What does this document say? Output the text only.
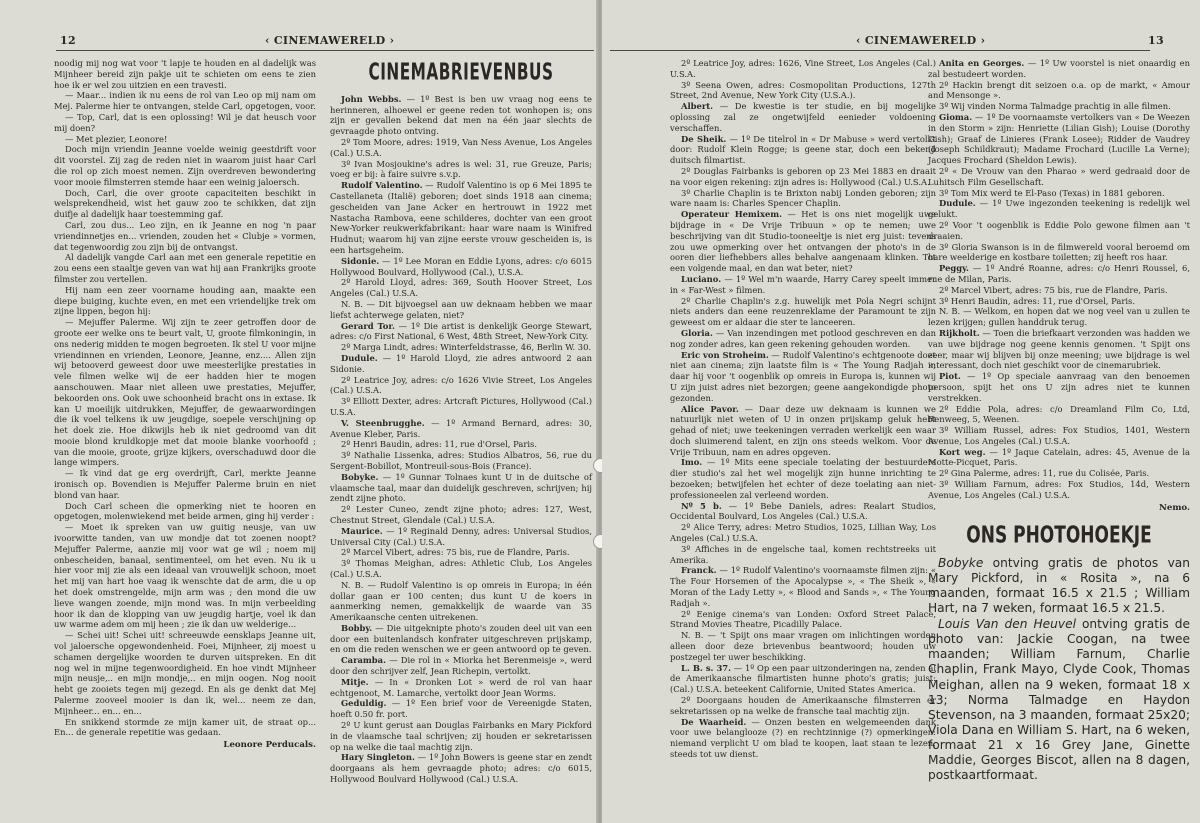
12	‹ CINEMAWERELD ›

noodig mij nog wat voor 't lapje te houden en al dadelijk was Mijnheer bereid zijn pakje uit te schieten om eens te zien hoe ik er wel zou uitzien en een travesti.

— Maar... indien ik nu eens de rol van Leo op mij nam om Mej. Palerme hier te ontvangen, stelde Carl, opgetogen, voor.

— Top, Carl, dat is een oplossing! Wil je dat heusch voor mij doen?

— Met plezier, Leonore!

Doch mijn vriendin Jeanne voelde weinig geestdrift voor dit voorstel. Zij zag de reden niet in waarom juist haar Carl die rol op zich moest nemen. Zijn overdreven bewondering voor mooie filmsterren stemde haar een weinig jaloersch.

Doch, Carl, die over groote capaciteiten beschikt in welsprekendheid, wist het gauw zoo te schikken, dat zijn duifje al dadelijk haar toestemming gaf.

Carl, zou dus... Leo zijn, en ik Jeanne en nog 'n paar vriendinnetjes en... vrienden, zouden het « Clubje » vormen, dat tegenwoordig zou zijn bij de ontvangst.

Al dadelijk vangde Carl aan met een generale repetitie en zou eens een staaltje geven van wat hij aan Frankrijks groote filmster zou vertellen.

Hij nam een zeer voorname houding aan, maakte een diepe buiging, kuchte even, en met een vriendelijke trek om zijne lippen, begon hij:

— Mejuffer Palerme. Wij zijn te zeer getroffen door de groote eer welke ons te beurt valt, U, groote filmkoningin, in ons nederig midden te mogen begroeten. Ik stel U voor mijne vriendinnen en vrienden, Leonore, Jeanne, enz.... Allen zijn wij betooverd geweest door uwe meesterlijke prestaties in vele filmen welke wij de eer hadden hier te mogen aanschouwen. Maar niet alleen uwe prestaties, Mejuffer, bekoorden ons. Ook uwe schoonheid bracht ons in extase. Ik kan U moeilijk uitdrukken, Mejuffer, de gewaarwordingen die ik voel telkens ik uw jeugdige, soepele verschijning op het doek zie. Hoe dikwijls heb ik niet gedroomd van dit mooie blond kruldkopje met dat mooie blanke voorhoofd ; van die mooie, groote, grijze kijkers, overschaduwd door die lange wimpers.

— Ik vind dat ge erg overdrijft, Carl, merkte Jeanne ironisch op. Bovendien is Mejuffer Palerme bruin en niet blond van haar.

Doch Carl scheen die opmerking niet te hooren en opgetogen, molenwiekend met beide armen, ging hij verder :

— Moet ik spreken van uw guitig neusje, van uw ivoorwitte tanden, van uw mondje dat tot zoenen noopt? Mejuffer Palerme, aanzie mij voor wat ge wil ; noem mij onbescheiden, banaal, sentimenteel, om het even. Nu ik u hier voor mij zie als een ideaal van vrouwelijk schoon, moet het mij van hart hoe vaag ik wenschte dat de arm, die u op het doek omstrengelde, mijn arm was ; den mond die uw lieve wangen zoende, mijn mond was. In mijn verbeelding hoor ik dan de klopping van uw jeugdig hartje, voel ik dan uw warme adem om mij heen ; zie ik dan uw welderige...

— Schei uit! Schei uit! schreeuwde eensklaps Jeanne uit, vol jaloersche opgewondenheid. Foei, Mijnheer, zij moest u schamen dergelijke woorden te durven uitspreken. En dit nog wel in mijne tegenwoordigheid. En hoe vindt Mijnheer mijn neusje,.. en mijn mondje,.. en mijn oogen. Nog nooit hebt ge zooiets tegen mij gezegd. En als ge denkt dat Mej Palerme zooveel mooier is dan ik, wel... neem ze dan, Mijnheer... en... en...

En snikkend stormde ze mijn kamer uit, de straat op... En... de generale repetitie was gedaan.

Leonore Perducals.

CINEMABRIEVENBUS

John Webbs. — 1º Best is ben uw vraag nog eens te herinneren, alhoewel er geene reden tot wonhopen is; ons zijn er gevallen bekend dat men na één jaar slechts de gevraagde photo ontving.

2º Tom Moore, adres: 1919, Van Ness Avenue, Los Angeles (Cal.) U.S.A.

3º Ivan Mosjoukine's adres is wel: 31, rue Greuze, Paris; voeg er bij: à faire suivre s.v.p.

Rudolf Valentino. — Rudolf Valentino is op 6 Mei 1895 te Castellaneta (Italië) geboren; doet sinds 1918 aan cinema; gescheiden van Jane Acker en hertrouwt in 1922 met Nastacha Rambova, eene schilderes, dochter van een groot New-Yorker reukwerkfabrikant: haar ware naam is Winifred Hudnut; waarom hij van zijne eerste vrouw gescheiden is, is een hartsgeheim.

Sidonie. — 1º Lee Moran en Eddie Lyons, adres: c/o 6015 Hollywood Boulvard, Hollywood (Cal.), U.S.A.

2º Harold Lloyd, adres: 369, South Hoover Street, Los Angeles (Cal.) U.S.A.

N. B. — Dit bijvoegsel aan uw deknaam hebben we maar liefst achterwege gelaten, niet?

Gerard Tor. — 1º Die artist is denkelijk George Stewart, adres: c/o First National, 6 West, 48th Street, New-York City.

2º Marga Lindt, adres: Winterfeldstrasse, 46, Berlin W. 30.

Dudule. — 1º Harold Lloyd, zie adres antwoord 2 aan Sidonie.

2º Leatrice Joy, adres: c/o 1626 Vivie Street, Los Angeles (Cal.) U.S.A.

3º Elliott Dexter, adres: Artcraft Pictures, Hollywood (Cal.) U.S.A.

V. Steenbrugghe. — 1º Armand Bernard, adres: 30, Avenue Kleber, Paris.

2º Henri Baudin, adres: 11, rue d'Orsel, Paris.

3º Nathalie Lissenka, adres: Studios Albatros, 56, rue du Sergent-Bobillot, Montreuil-sous-Bois (France).

Bobyke. — 1º Gunnar Tolnaes kunt U in de duitsche of vlaamsche taal, maar dan duidelijk geschreven, schrijven; hij zendt zijne photo.

2º Lester Cuneo, zendt zijne photo; adres: 127, West, Chestnut Street, Glendale (Cal.) U.S.A.

Maurice. — 1º Reginald Denny, adres: Universal Studios, Universal City (Cal.) U.S.A.

2º Marcel Vibert, adres: 75 bis, rue de Flandre, Paris.

3º Thomas Meighan, adres: Athletic Club, Los Angeles (Cal.) U.S.A.

N. B. — Rudolf Valentino is op omreis in Europa; in één dollar gaan er 100 centen; dus kunt U de koers in aanmerking nemen, gemakkelijk de waarde van 35 Amerikaansche centen uitrekenen.

Bobby. — Die uitgeknipte photo's zouden deel uit van een door een buitenlandsch konfrater uitgeschreven prijskamp, en om die reden wenschen we er geen antwoord op te geven.

Caramba. — Die rol in « Miorka het Berenmeisje », werd door den schrijver zelf, Jean Richepin, vertolkt.

Mitje. — In « Dronken Lot » werd de rol van haar echtgenoot, M. Lamarche, vertolkt door Jean Worms.

Geduldig. — 1º Een brief voor de Vereenigde Staten, hoeft 0.50 fr. port.

2º U kunt gerust aan Douglas Fairbanks en Mary Pickford in de vlaamsche taal schrijven; zij houden er sekretarissen op na welke die taal machtig zijn.

Hary Singleton. — 1º John Bowers is geene star en zendt doorgaans als hem gevraagde photo; adres: c/o 6015, Hollywood Boulvard Hollywood (Cal.) U.S.A.

‹ CINEMAWERELD ›	13

2º Leatrice Joy, adres: 1626, Vine Street, Los Angeles (Cal.) U.S.A.

3º Seena Owen, adres: Cosmopolitan Productions, 127th Street, 2nd Avenue, New York City (U.S.A.).

Albert. — De kwestie is ter studie, en bij mogelijke oplossing zal ze ongetwijfeld eenieder voldoening verschaffen.

De Sheik. — 1º De titelrol in « Dr Mabuse » werd vertolkt door: Rudolf Klein Rogge; is geene star, doch een bekend duitsch filmartist.

2º Douglas Fairbanks is geboren op 23 Mei 1883 en draait na voor eigen rekening: zijn adres is: Hollywood (Cal.) U.S.A.

3º Charlie Chaplin is te Brixton nabij Londen geboren; zijn ware naam is: Charles Spencer Chaplin.

Operateur Hemixem. — Het is ons niet mogelijk uwe bijdrage in « De Vrije Tribuun » op te nemen; uwe beschrijving van dit Studio-tooneeltje is niet erg juist: tevens zou uwe opmerking over het ontvangen der photo's in de ooren dier liefhebbers alles behalve aangenaam klinken. Tot een volgende maal, en dan wat beter, niet?

Luciano. — 1º Wel m'n waarde, Harry Carey speelt immer in « Far-West » filmen.

2º Charlie Chaplin's z.g. huwelijk met Pola Negri schijnt niets anders dan eene reuzenreklame der Paramount te zijn geweest om er aldaar die ster te lanceeren.

Gloria. — Van inzendingen met potlood geschreven en dan nog zonder adres, kan geen rekening gehouden worden.

Eric von Stroheim. — Rudolf Valentino's echtgenoote doet niet aan cinema; zijn laatste film is « The Young Radjah »; daar hij voor 't oogenblik op omreis in Europa is, kunnen wij U zijn juist adres niet bezorgen; geene aangekondigde photo gezonden.

Alice Pavor. — Daar deze uw deknaam is kunnen we natuurlijk niet weten of U in onzen prijskamp geluk hebt gehad of niet; uwe teekeningen verraden werkelijk een waar doch sluimerend talent, en zijn ons steeds welkom. Voor de Vrije Tribuun, nam en adres opgeven.

Imo. — 1º Mits eene speciale toelating der bestuurders dier studio's zal het wel mogelijk zijn hunne inrichting te bezoeken; betwijfelen het echter of deze toelating aan niet-professioneelen zal verleend worden.

Nº 5 b. — 1º Bebe Daniels, adres: Realart Studios, Occidental Boulvard, Los Angeles (Cal.) U.S.A.

2º Alice Terry, adres: Metro Studios, 1025, Lillian Way, Los Angeles (Cal.) U.S.A.

3º Affiches in de engelsche taal, komen rechtstreeks uit Amerika.

Franck. — 1º Rudolf Valentino's voornaamste filmen zijn: « The Four Horsemen of the Apocalypse », « The Sheik », « Moran of the Lady Letty », « Blood and Sands », « The Young Radjah ».

2º Eenige cinema's van Londen: Oxford Street Palace, Strand Movies Theatre, Picadilly Palace.

N. B. — 't Spijt ons maar vragen om inlichtingen worden alleen door deze brievenbus beantwoord; houden uw postzegel ter uwer beschikking.

L. B. s. 37. — 1º Op een paar uitzonderingen na, zenden al de Amerikaansche filmartisten hunne photo's gratis; juist: (Cal.) U.S.A. beteekent Californie, United States America.

2º Doorgaans houden de Amerikaansche filmsterren er sekretarissen op na welke de fransche taal machtig zijn.

De Waarheid. — Onzen besten en welgemeenden dank voor uwe belanglooze (?) en rechtzinnige (?) opmerkingen: niemand verplicht U om blad te koopen, laat staan te lezen; steeds tot uw dienst.

Anita en Georges. — 1º Uw voorstel is niet onaardig en zal bestudeert worden.

2º Hackin brengt dit seizoen o.a. op de markt, « Amour and Mensonge ».

3º Wij vinden Norma Talmadge prachtig in alle filmen.

Gioma. — 1º De voornaamste vertolkers van « De Weezen in den Storm » zijn: Henriette (Lilian Gish); Louise (Dorothy Gish); Graaf de Linieres (Frank Losee); Ridder de Vaudrey (Joseph Schildkraut); Madame Frochard (Lucille La Verne); Jacques Frochard (Sheldon Lewis).

2º « De Vrouw van den Pharao » werd gedraaid door de Luhitsch Film Gesellschaft.

3º Tom Mix werd te El-Paso (Texas) in 1881 geboren.

Dudule. — 1º Uwe ingezonden teekening is redelijk wel gelukt.

2º Voor 't oogenblik is Eddie Polo gewone filmen aan 't draaien.

3º Gloria Swanson is in de filmwereld vooral beroemd om hare weelderige en kostbare toiletten; zij heeft ros haar.

Peggy. — 1º André Roanne, adres: c/o Henri Roussel, 6, rue de Milan, Paris.

2º Marcel Vibert, adres: 75 bis, rue de Flandre, Paris.

3º Henri Baudin, adres: 11, rue d'Orsel, Paris.

N. B. — Welkom, en hopen dat we nog veel van u zullen te lezen krijgen; gullen handdruk terug.

Rijkholt. — Toen die briefkaart verzonden was hadden we van uwe bijdrage nog geene kennis genomen. 't Spijt ons zeer, maar wij blijven bij onze meening; uwe bijdrage is wel interessant, doch niet geschikt voor de cinemarubriek.

Piot. — 1º Op speciale aanvraag van den benoemen persoon, spijt het ons U zijn adres niet te kunnen verstrekken.

2º Eddie Pola, adres: c/o Dreamland Film Co, Ltd, Renweeg, 5, Weenen.

3º William Russel, adres: Fox Studios, 1401, Western Avenue, Los Angeles (Cal.) U.S.A.

Kort weg. — 1º Jaque Catelain, adres: 45, Avenue de la Motte-Picquet, Paris.

2º Gina Palerme, adres: 11, rue du Colisée, Paris.

3º William Farnum, adres: Fox Studios, 14d, Western Avenue, Los Angeles (Cal.) U.S.A.

Nemo.

ONS PHOTOHOEKJE

Bobyke ontving gratis de photos van Mary Pickford, in « Rosita », na 6 maanden, formaat 16.5 x 21.5 ; William Hart, na 7 weken, formaat 16.5 x 21.5.

Louis Van den Heuvel ontving gratis de photo van: Jackie Coogan, na twee maanden; William Farnum, Charlie Chaplin, Frank Mayo, Clyde Cook, Thomas Meighan, allen na 9 weken, formaat 18 x 13; Norma Talmadge en Haydon Stevenson, na 3 maanden, formaat 25x20; Viola Dana en William S. Hart, na 6 weken, formaat 21 x 16 Grey Jane, Ginette Maddie, Georges Biscot, allen na 8 dagen, postkaartformaat.
